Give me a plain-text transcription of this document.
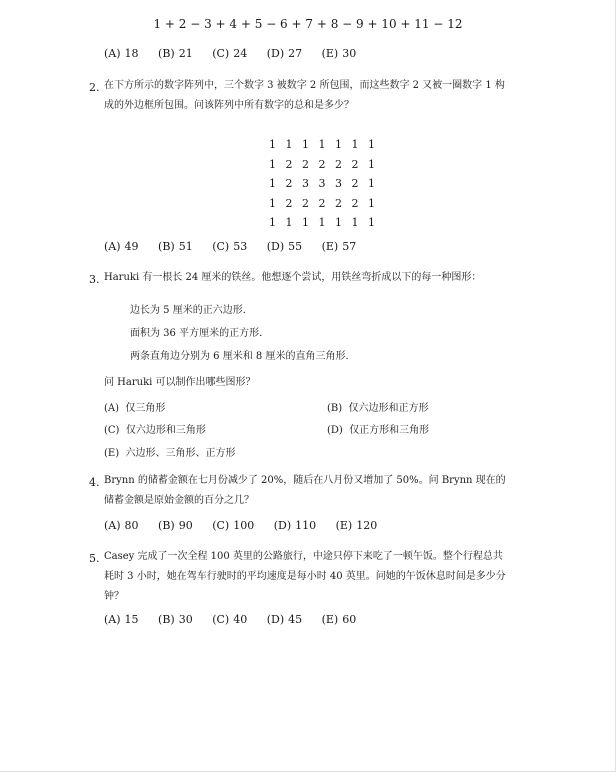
1 + 2 − 3 + 4 + 5 − 6 + 7 + 8 − 9 + 10 + 11 − 12
(A) 18 (B) 21 (C) 24 (D) 27 (E) 30
2. 在下方所示的数字阵列中，三个数字 3 被数字 2 所包围，而这些数字 2 又被一圈数字 1 构
成的外边框所包围。问该阵列中所有数字的总和是多少？
1 1 1 1 1 1 1
1 2 2 2 2 2 1
1 2 3 3 3 2 1
1 2 2 2 2 2 1
1 1 1 1 1 1 1
(A) 49 (B) 51 (C) 53 (D) 55 (E) 57
3. Haruki 有一根长 24 厘米的铁丝。他想逐个尝试，用铁丝弯折成以下的每一种图形：
边长为 5 厘米的正六边形．
面积为 36 平方厘米的正方形．
两条直角边分别为 6 厘米和 8 厘米的直角三角形．
问 Haruki 可以制作出哪些图形？
(A) 仅三角形	(B) 仅六边形和正方形
(C) 仅六边形和三角形	(D) 仅正方形和三角形
(E) 六边形、三角形、正方形
4. Brynn 的储蓄金额在七月份减少了 20%，随后在八月份又增加了 50%。问 Brynn 现在的
储蓄金额是原始金额的百分之几？
(A) 80 (B) 90 (C) 100 (D) 110 (E) 120
5. Casey 完成了一次全程 100 英里的公路旅行，中途只停下来吃了一顿午饭。整个行程总共
耗时 3 小时，她在驾车行驶时的平均速度是每小时 40 英里。问她的午饭休息时间是多少分
钟？
(A) 15 (B) 30 (C) 40 (D) 45 (E) 60
